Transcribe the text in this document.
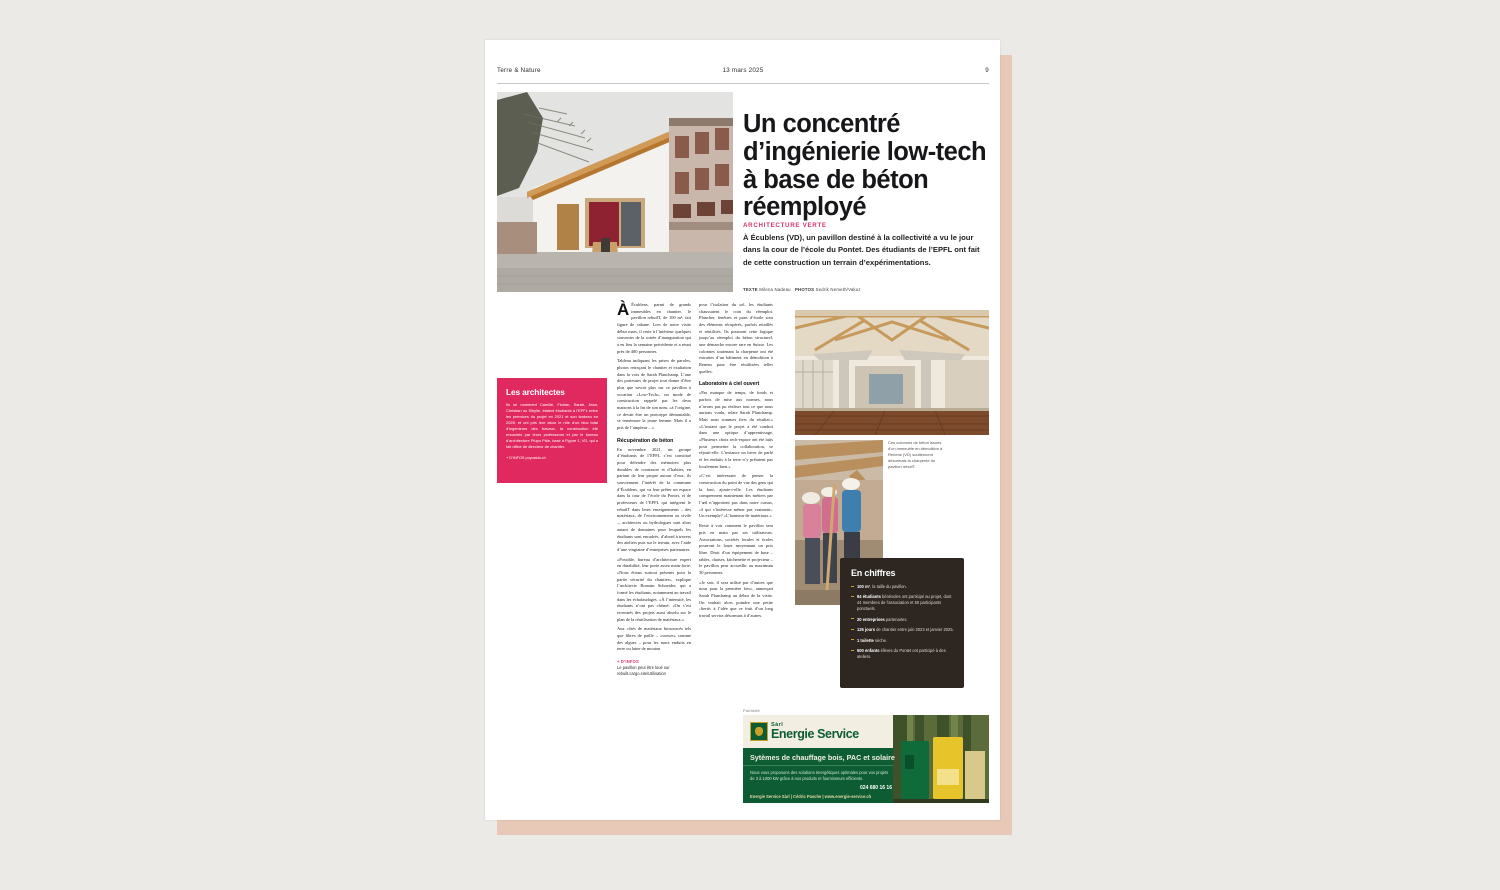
Terre & Nature	13 mars 2025	9
Un concentré d’ingénierie low-tech à base de béton réemployé
ARCHITECTURE VERTE
À Écublens (VD), un pavillon destiné à la collectivité a vu le jour dans la cour de l’école du Pontet. Des étudiants de l’EPFL ont fait de cette construction un terrain d’expérimentations.
TEXTE Milena Nadeau PHOTOS Sedrik Nemeth/Vakuz

À Écublens, parmi de grands immeubles en chantier, le pavillon rebuilT, de 100 m², fait figure de cabane. Lors de notre visite début mars, il reste à l’intérieur quelques souvenirs de la soirée d’inauguration qui a eu lieu la semaine précédente et a réuni près de 400 personnes.

Tableau indiquant les prises de paroles, photos retraçant le chantier et exaltation dans la voix de Sarah Planchamp. L’une des porteuses de projet tout donne d’être plus que savoir plus sur ce pavillon à vocation «Low-Tech», un mode de construction rappelé par les deux maisons à la fin de son nom, «à l’origine, ce devait être un prototype démontable, se remémore la jeune femme. Mais il a pris de l’ampleur…»

Récupération de béton

En novembre 2021, un groupe d’étudiants de l’EPFL s’est constitué pour défendre des mémoires plus durables de construire et d’habiter, en partant de leur propre autour d’eux, ils souviennent l’intérêt de la commune d’Écublens, qui va leur prêter un espace dans la cour de l’école du Pontet, et de professeurs de l’EPFL qui intègrent le rebuilT dans leurs enseignements – des matériaux, de l’environnement ou civile –, architectes ou hydrologues sont alors autant de domaines pour lesquels les étudiants sont encadrés, d’abord à travers des ateliers puis sur le terrain, avec l’aide d’une vingtaine d’entreprises partenaires.

«Possible, bureau d’architecture expert en durabilité, leur porte assez main-forte. «Nous étions surtout présents pour la partie sécurité du chantier», explique l’architecte Romain Schneider, qui a formé les étudiants, notamment au travail dans les échafaudages. «À l’intensité, les étudiants n’ont pas chômé: «On s’est recentrés des projets aussi absolu sur le plan de la réutilisation de matériaux.»

Aux côtés de matériaux biosourcés tels que fibres de paille – «soeurs» comme des algues – pour les murs enduits en terre ou laine de mouton

+ D’INFOS
Le pavillon peut être loué sur rebuilt.cargo.site/Utilisation

pour l’isolation du sol, les étudiants chaussaient le coin du réemploi. Plancher, fenêtres et pans d’étoile sont des éléments récupérés, parfois retaillés et réutilisés. Ils poussent cette logique jusqu’au réemploi du béton structurel, une démarche encore rare en Suisse. Les colonnes soutenant la charpente ont été extraites d’un bâtiment en démolition à Renens pour être réutilisées telles quelles.

Laboratoire à ciel ouvert

«Par manque de temps, de fonds et parfois de mise aux normes, nous n’avons pas pu réaliser tout ce que nous aurions voulu, relate Sarah Planchamp. Mais nous sommes fiers du résultat.» «L’instant que le projet a été conduit dans une optique d’apprentissage, «Plusieurs choix tech-espace ont été faits pour permettre la collaboration, se réjouit-elle. L’instance un hiver de parlé et les enduits à la terre n’y prêtaient pas localement bien.»

«C’est intéressant de penser la construction du point de vue des gens qui la font, ajoute-t-elle. Les étudiants comprennent maintenant des métiers par l’œil n’apportent pas dans notre cursus, ‹il qui s’intéresse même pas vraiment›. Un exemple? «L’honneur de matériaux.»

Reste à voir comment le pavillon sera pris en main par ses utilisateurs. Associations, sociétés locales et écoles pourront le louer moyennant un prix libre. Droit d’un équipement de base – tables, chaises, kitchenette et projecteur – le pavillon peut accueillir au maximum 30 personnes.

«Je sais, il sera utilisé par d’autres que nous pour la première fois», annonçait Sarah Planchamp au début de la visite. On souhait alors poindre une petite ‹fierté› à l’idée que ce fruit d’un long travail servira désormais à d’autres.

Les architectes

Ils se nomment Camille, Florian, Sarah, Jean, Christian ou Sibylle, étaient étudiants à l’EPFL entre les prémices du projet en 2021 et son fardeau en 2025, et ont pris leur atour le rôle d’un bloc total d’ingénieurs des travaux, la construction été encadrés par leurs professeurs et par le bureau d’architecture Pfupo Pâle, basé à Figure 1, VD, qui a fait office de directeur de chantier.

+ D’INFOS poyusida.ch
Ces colonnes de béton issues d’un immeuble en démolition à Renens (VD) soutiennent désormais la charpente du pavillon rebuilT.
En chiffres
100 m², la taille du pavillon.
94 étudiants bénévoles ont participé au projet, dont 44 membres de l’association et 50 participants ponctuels.
20 entreprises partenaires.
125 jours de chantier entre juin 2023 et janvier 2025.
1 toilette sèche.
500 enfants élèves du Pontet ont participé à des ateliers.
Publicité
Sàrl
Energie Service
Sytèmes de chauffage bois, PAC et solaire
Nous vous proposons des solutions énergétiques optimales pour vos projets de 3 à 1000 kW grâce à nos produits et fournisseurs efficients.
024 680 16 16
Energie Service Sàrl | Cédric Pasche | www.energie-service.ch
